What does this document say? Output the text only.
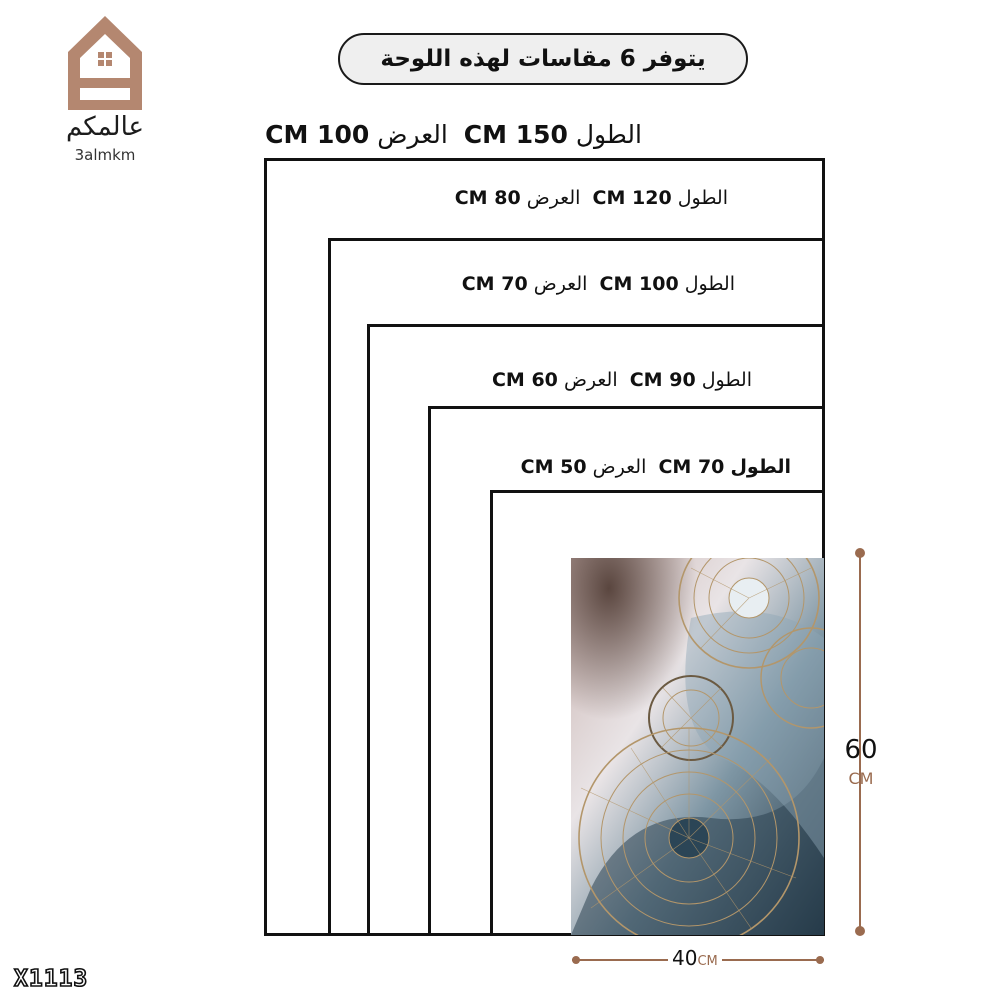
يتوفر 6 مقاسات لهذه اللوحة
عالمكم
3almkm
الطول 150 CM  العرض 100 CM
الطول 120 CM  العرض 80 CM
الطول 100 CM  العرض 70 CM
الطول 90 CM  العرض 60 CM
الطول 70 CM  العرض 50 CM
60
CM
40CM
X1113
